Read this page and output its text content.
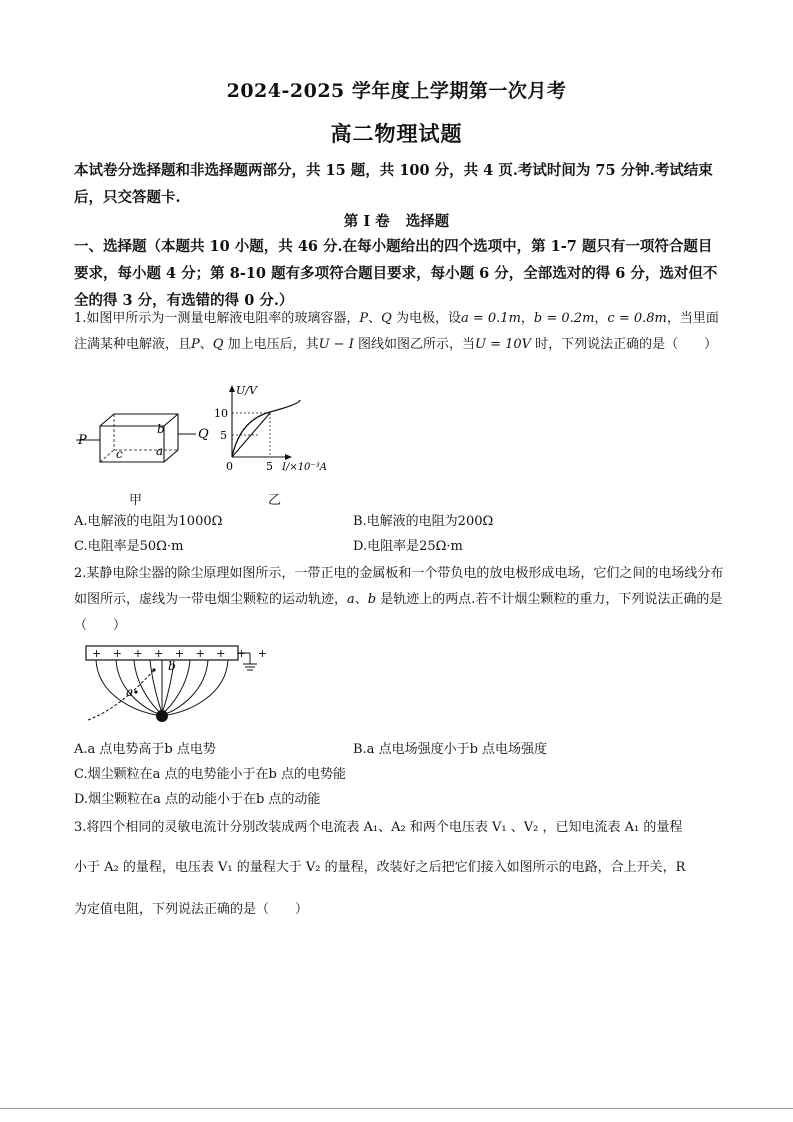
2024-2025 学年度上学期第一次月考
高二物理试题
本试卷分选择题和非选择题两部分，共 15 题，共 100 分，共 4 页.考试时间为 75 分钟.考试结束后，只交答题卡.
第 I 卷 选择题
一、选择题（本题共 10 小题，共 46 分.在每小题给出的四个选项中，第 1-7 题只有一项符合题目要求，每小题 4 分；第 8-10 题有多项符合题目要求，每小题 6 分，全部选对的得 6 分，选对但不全的得 3 分，有选错的得 0 分.）
1.如图甲所示为一测量电解液电阻率的玻璃容器，P、Q 为电极，设a = 0.1m，b = 0.2m，c = 0.8m，当里面注满某种电解液，且P、Q 加上电压后，其U − I 图线如图乙所示，当U = 10V 时，下列说法正确的是（　　）
P	Q
b
a
c
甲
U/V
10
5
0	5 I/×10⁻³A
乙
A.电解液的电阻为1000Ω	B.电解液的电阻为200Ω
C.电阻率是50Ω·m	D.电阻率是25Ω·m
2.某静电除尘器的除尘原理如图所示，一带正电的金属板和一个带负电的放电极形成电场，它们之间的电场线分布如图所示，虚线为一带电烟尘颗粒的运动轨迹，a、b 是轨迹上的两点.若不计烟尘颗粒的重力，下列说法正确的是（　　）
+ + + + + + + + +
a
b
A.a 点电势高于b 点电势	B.a 点电场强度小于b 点电场强度
C.烟尘颗粒在a 点的电势能小于在b 点的电势能
D.烟尘颗粒在a 点的动能小于在b 点的动能
3.将四个相同的灵敏电流计分别改装成两个电流表 A₁、A₂ 和两个电压表 V₁ 、V₂ ，已知电流表 A₁ 的量程
小于 A₂ 的量程，电压表 V₁ 的量程大于 V₂ 的量程，改装好之后把它们接入如图所示的电路，合上开关，R
为定值电阻，下列说法正确的是（　　）
